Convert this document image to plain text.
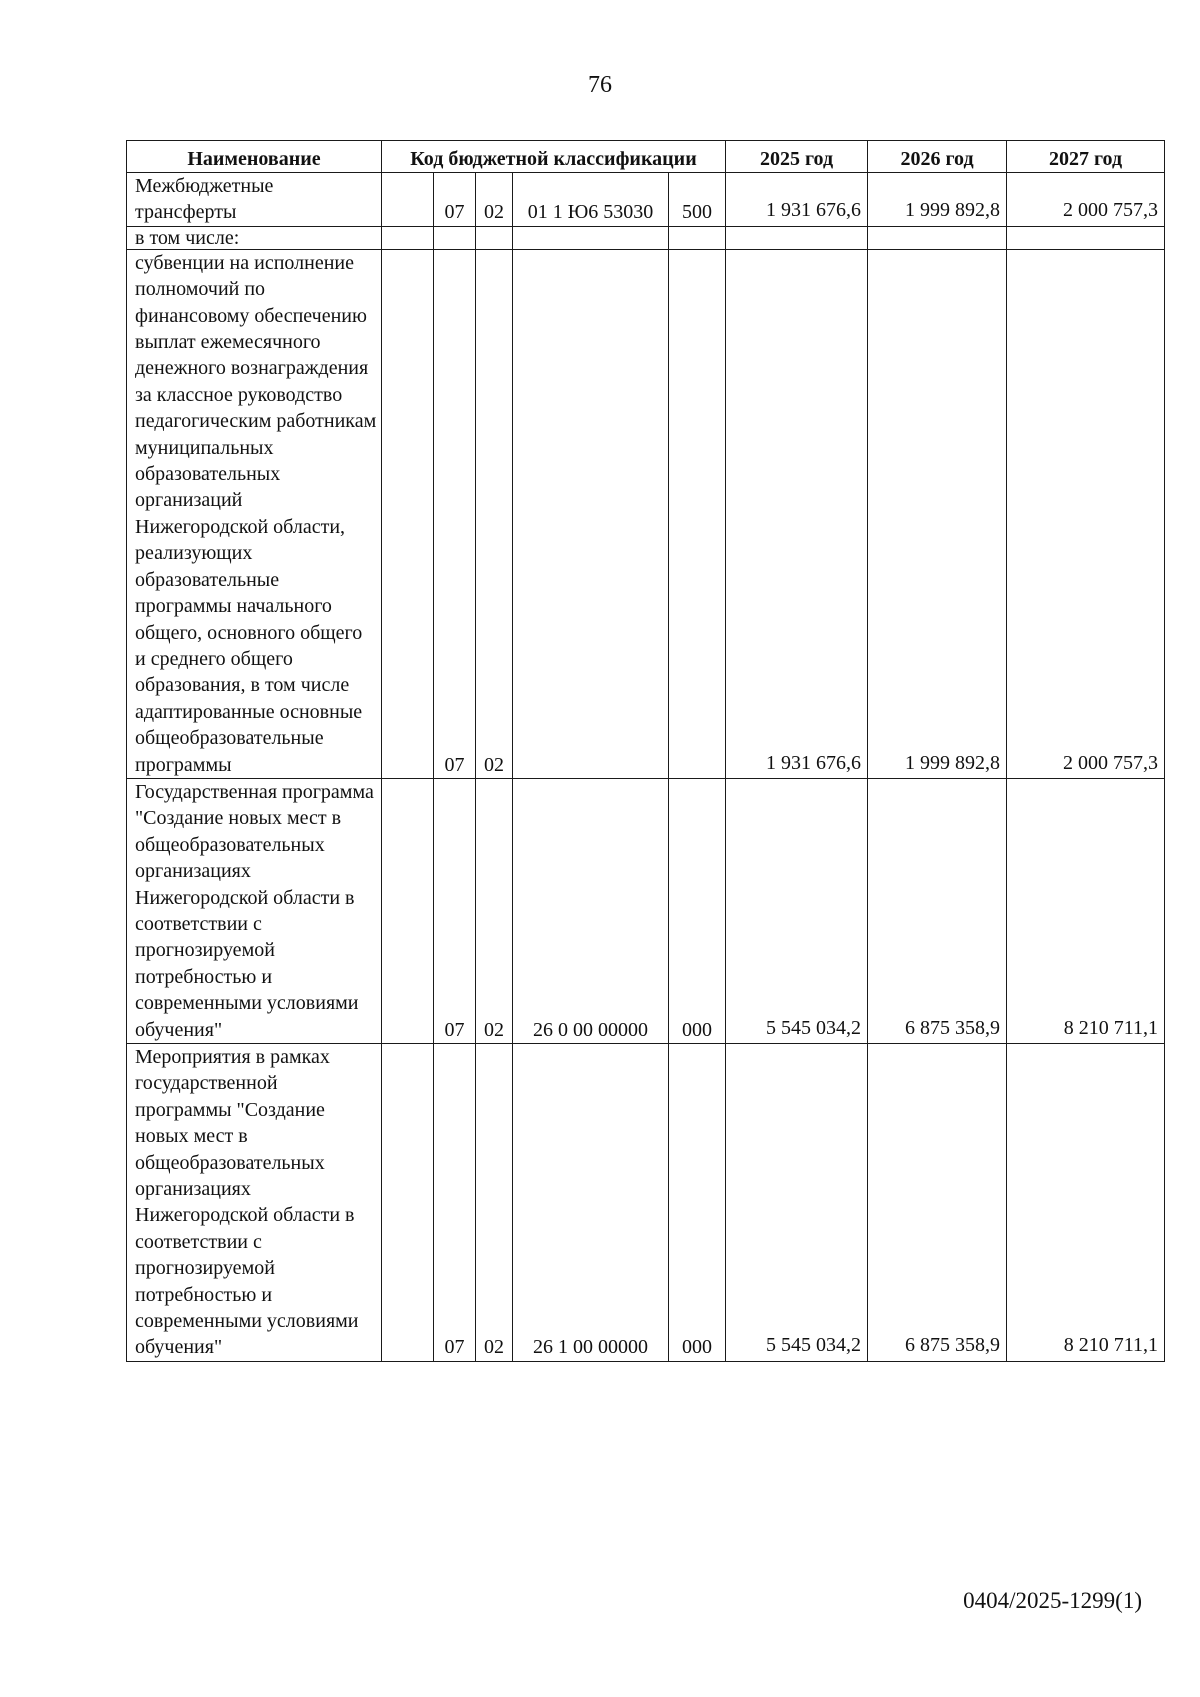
76
Наименование	Код бюджетной классификации					2025 год	2026 год	2027 год
Межбюджетные трансферты		07	02	01 1 Ю6 53030	500	1 931 676,6	1 999 892,8	2 000 757,3
в том числе:								
субвенции на исполнение полномочий по финансовому обеспечению выплат ежемесячного денежного вознаграждения за классное руководство педагогическим работникам муниципальных образовательных организаций Нижегородской области, реализующих образовательные программы начального общего, основного общего и среднего общего образования, в том числе адаптированные основные общеобразовательные программы		07	02			1 931 676,6	1 999 892,8	2 000 757,3
Государственная программа "Создание новых мест в общеобразовательных организациях Нижегородской области в соответствии с прогнозируемой потребностью и современными условиями обучения"		07	02	26 0 00 00000	000	5 545 034,2	6 875 358,9	8 210 711,1
Мероприятия в рамках государственной программы "Создание новых мест в общеобразовательных организациях Нижегородской области в соответствии с прогнозируемой потребностью и современными условиями обучения"		07	02	26 1 00 00000	000	5 545 034,2	6 875 358,9	8 210 711,1
0404/2025-1299(1)
